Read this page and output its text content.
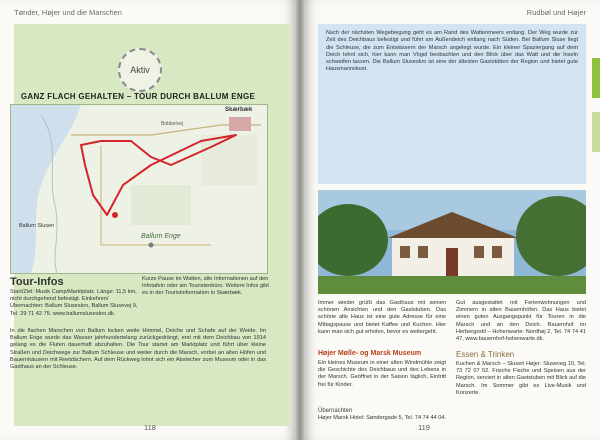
Tønder, Højer und die Marschen
Aktiv
GANZ FLACH GEHALTEN – TOUR DURCH BALLUM ENGE
Skærbæk
Ballum Enge
Ballum Slusen
Bobbelvej
Tour-Infos

Start/Ziel: Musik Camp/Marktplatz. Länge: 11,5 km, nicht durchgehend befestigt. Einkehren/Übernachten: Ballum Sluseskro, Ballum Slusevej 9, Tel. 29 71 42 75. www.ballumsluseskro.dk.

Kurze Pause im Watten, alle Informationen auf den Infotafeln oder am Touristenbüro. Weitere Infos gibt es in der Touristinformation in Skærbæk.

In die flachen Marschen von Ballum locken weite Himmel, Deiche und Schafe auf der Weide. Im Ballum Enge wurde das Wasser jahrhundertelang zurückgedrängt, erst mit dem Deichbau von 1914 gelang es die Fluten dauerhaft abzuhalten. Die Tour startet am Marktplatz und führt über kleine Straßen und Deichwege zur Ballum Schleuse und weiter durch die Marsch, vorbei an alten Höfen und Bauernhäusern mit Reetdächern. Auf dem Rückweg lohnt sich ein Abstecher zum Museum oder in das Gasthaus an der Schleuse.

118
Rudbøl und Højer

Nach der nächsten Wegebiegung geht es am Rand des Wattenmeers entlang. Der Weg wurde zur Zeit des Deichbaus befestigt und führt am Außendeich entlang nach Süden. Bei Ballum Sluse liegt die Schleuse, die zum Entwässern der Marsch angelegt wurde. Ein kleiner Spaziergang auf dem Deich lohnt sich, hier kann man Vögel beobachten und den Blick über das Watt und die Inseln schweifen lassen. Die Ballum Sluseskro ist eine der ältesten Gaststätten der Region und bietet gute Hausmannskost.

Immer wieder grüßt das Gasthaus mit seinen schönen Ansichten und den Gaststuben. Das schöne alte Haus ist eine gute Adresse für eine Mittagspause und bietet Kaffee und Kuchen. Hier kann man sich gut erholen, bevor es weitergeht.

Gut ausgestattet mit Ferienwohnungen und Zimmern in alten Bauernhöfen. Das Haus bietet einen guten Ausgangspunkt für Touren in die Marsch und an den Deich. Bauernhof im Herbergsstil – Hohenwarte: Nordhøj 2, Tel. 74 74 41 47, www.bauernhof-hohenwarte.dk.

Højer Mølle- og Marsk Museum

Ein kleines Museum in einer alten Windmühle zeigt die Geschichte des Deichbaus und des Lebens in der Marsch. Geöffnet in der Saison täglich, Eintritt frei für Kinder.

Übernachten

Højer Marsk Hotel: Søndergade 5, Tel. 74 74 44 04.

Essen & Trinken

Kuchen & Marsch – Sluseri Højer: Sluseveg 10, Tel. 73 72 07 52. Frische Fische und Speisen aus der Region, serviert in alten Gaststuben mit Blick auf die Marsch. Im Sommer gibt es Live-Musik und Konzerte.

119
